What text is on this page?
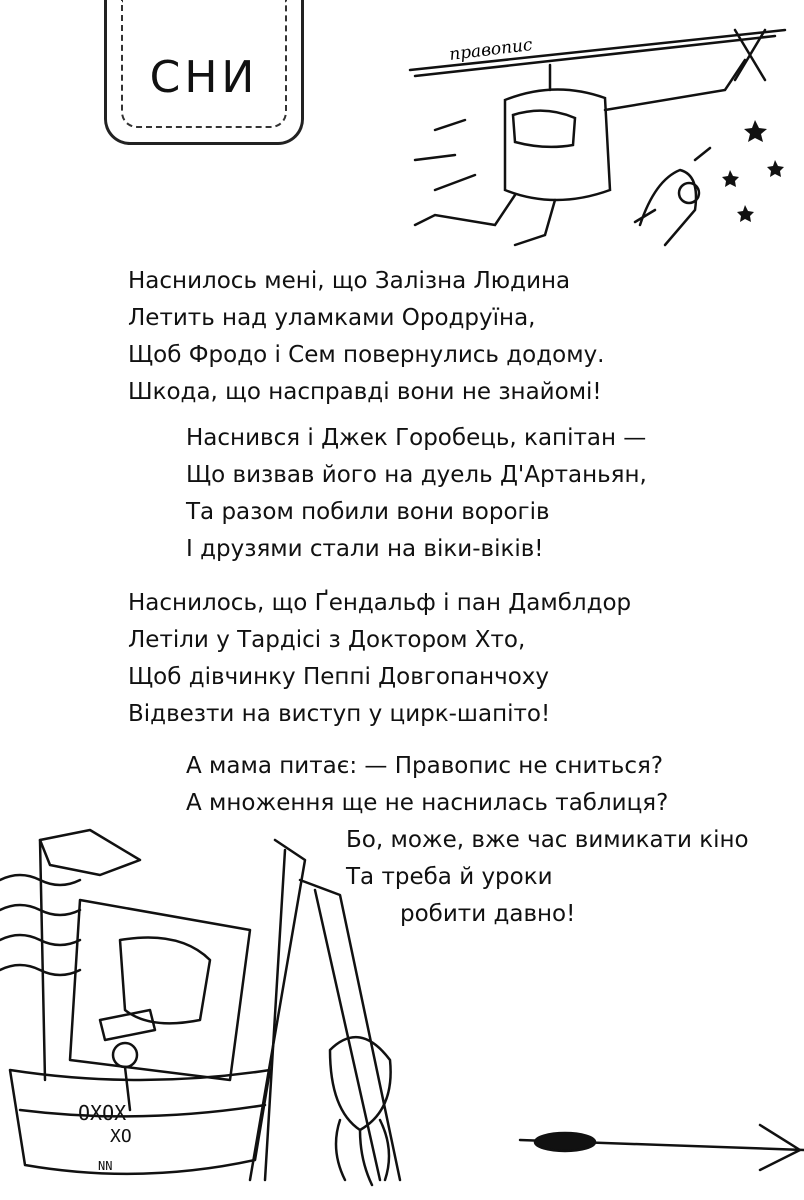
СНИ
правопис
Наснилось мені, що Залізна Людина
Летить над уламками Ородруїна,
Щоб Фродо і Сем повернулись додому.
Шкода, що насправді вони не знайомі!
Наснився і Джек Горобець, капітан —
Що визвав його на дуель Д'Артаньян,
Та разом побили вони ворогів
І друзями стали на віки-віків!
Наснилось, що Ґендальф і пан Дамблдор
Летіли у Тардісі з Доктором Хто,
Щоб дівчинку Пеппі Довгопанчоху
Відвезти на виступ у цирк-шапіто!
А мама питає: — Правопис не сниться?
А множення ще не наснилась таблиця?
Бо, може, вже час вимикати кіно
Та треба й уроки
робити давно!
OXOX
XO
NN
